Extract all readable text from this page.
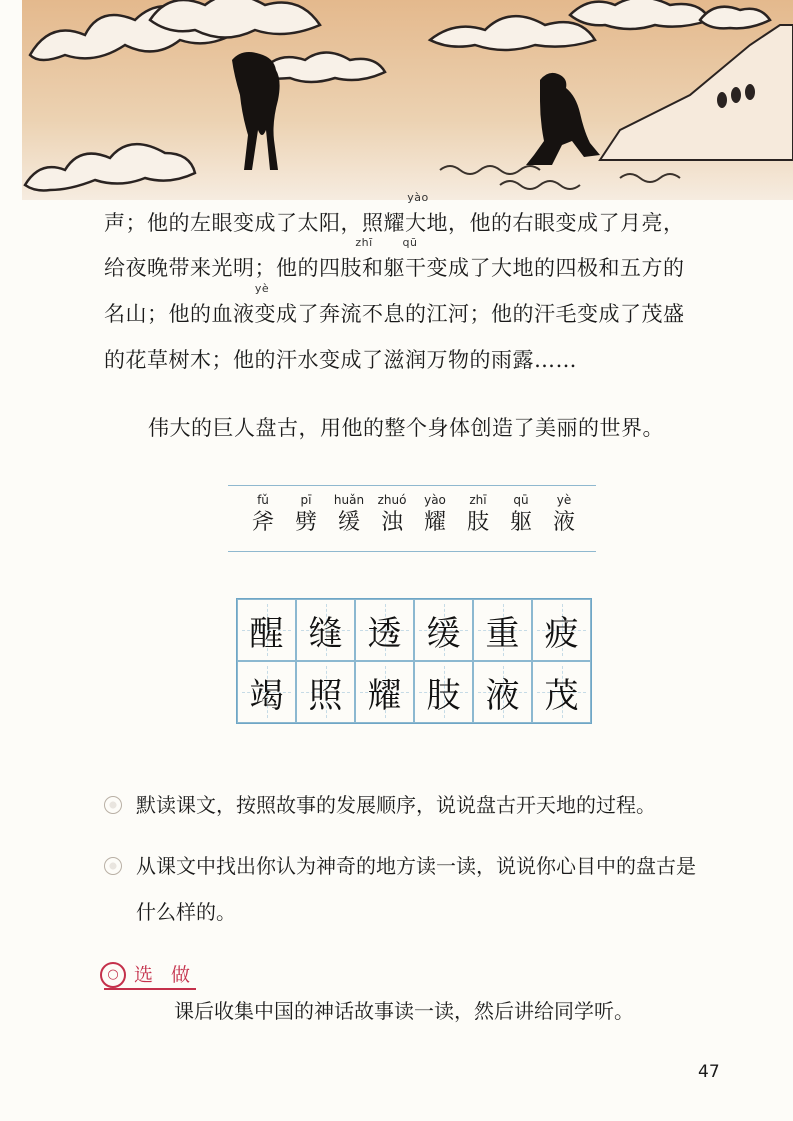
yào
声；他的左眼变成了太阳，照耀大地，他的右眼变成了月亮，
zhī	qū
给夜晚带来光明；他的四肢和躯干变成了大地的四极和五方的
yè
名山；他的血液变成了奔流不息的江河；他的汗毛变成了茂盛
的花草树木；他的汗水变成了滋润万物的雨露……
伟大的巨人盘古，用他的整个身体创造了美丽的世界。
fǔ
斧
pī
劈
huǎn
缓
zhuó
浊
yào
耀
zhī
肢
qū
躯
yè
液
醒 缝 透 缓 重 疲
竭 照 耀 肢 液 茂
默读课文，按照故事的发展顺序，说说盘古开天地的过程。
从课文中找出你认为神奇的地方读一读，说说你心目中的盘古是
什么样的。
○ 选 做
课后收集中国的神话故事读一读，然后讲给同学听。
47
